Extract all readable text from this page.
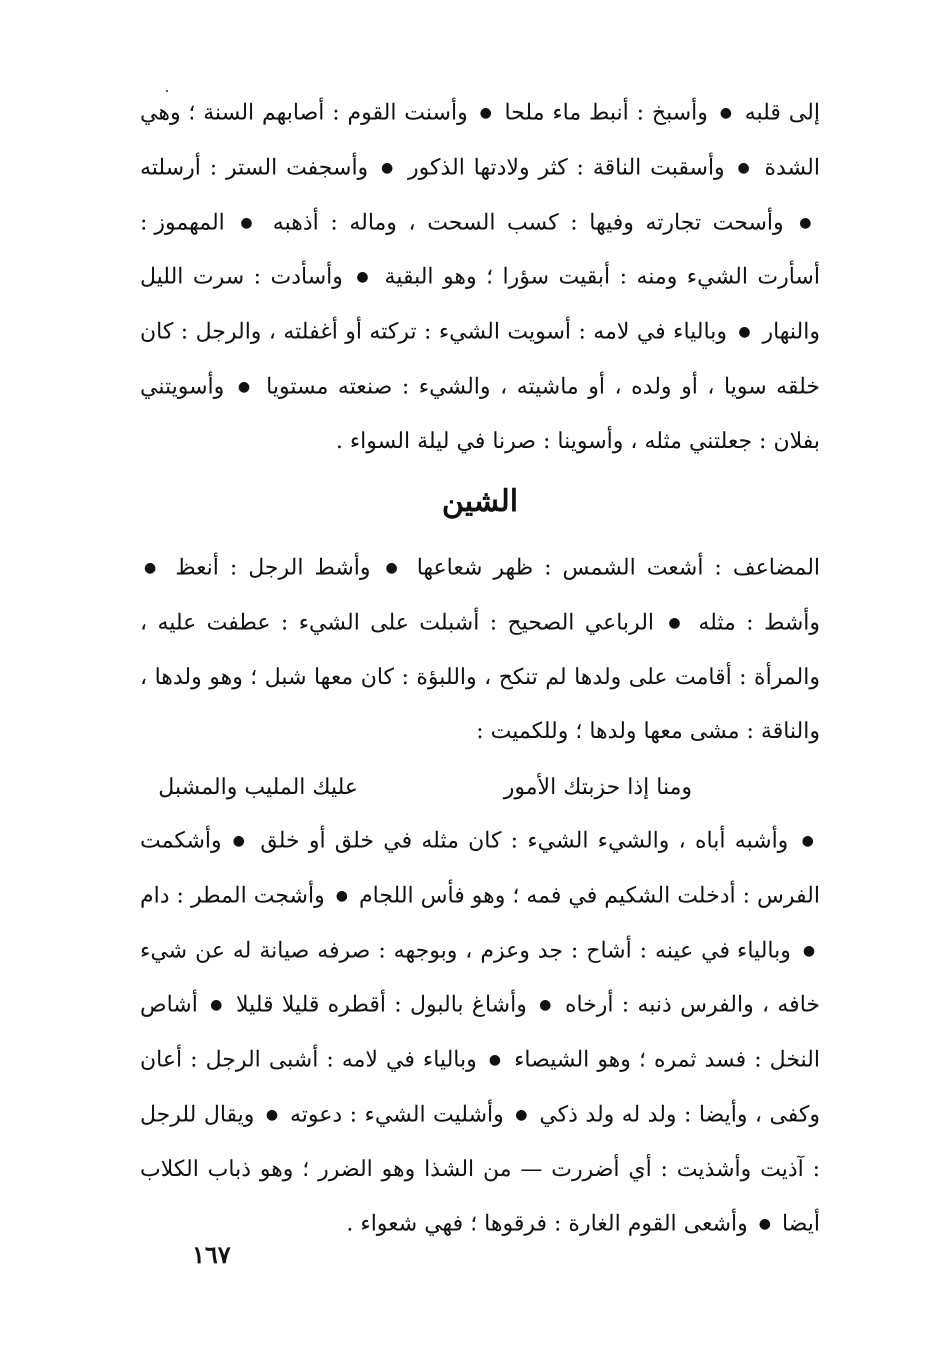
إلى قلبه ● وأسبخ : أنبط ماء ملحا ● وأسنت القوم : أصابهم السنة ؛ وهي الشدة ● وأسقبت الناقة : كثر ولادتها الذكور ● وأسجفت الستر : أرسلته ● وأسحت تجارته وفيها : كسب السحت ، وماله : أذهبه ● المهموز : أسأرت الشيء ومنه : أبقيت سؤرا ؛ وهو البقية ● وأسأدت : سرت الليل والنهار ● وبالياء في لامه : أسويت الشيء : تركته أو أغفلته ، والرجل : كان خلقه سويا ، أو ولده ، أو ماشيته ، والشيء : صنعته مستويا ● وأسويتني بفلان : جعلتني مثله ، وأسوينا : صرنا في ليلة السواء .
الشين
المضاعف : أشعت الشمس : ظهر شعاعها ● وأشط الرجل : أنعظ ● وأشط : مثله ● الرباعي الصحيح : أشبلت على الشيء : عطفت عليه ، والمرأة : أقامت على ولدها لم تنكح ، واللبؤة : كان معها شبل ؛ وهو ولدها ، والناقة : مشى معها ولدها ؛ وللكميت :
ومنا إذا حزبتك الأمور
عليك المليب والمشبل
● وأشبه أباه ، والشيء الشيء : كان مثله في خلق أو خلق ● وأشكمت الفرس : أدخلت الشكيم في فمه ؛ وهو فأس اللجام ● وأشجت المطر : دام ● وبالياء في عينه : أشاح : جد وعزم ، وبوجهه : صرفه صيانة له عن شيء خافه ، والفرس ذنبه : أرخاه ● وأشاغ بالبول : أقطره قليلا قليلا ● أشاص النخل : فسد ثمره ؛ وهو الشيصاء ● وبالياء في لامه : أشبى الرجل : أعان وكفى ، وأيضا : ولد له ولد ذكي ● وأشليت الشيء : دعوته ● ويقال للرجل : آذيت وأشذيت : أي أضررت — من الشذا وهو الضرر ؛ وهو ذباب الكلاب أيضا ● وأشعى القوم الغارة : فرقوها ؛ فهي شعواء .
١٦٧
